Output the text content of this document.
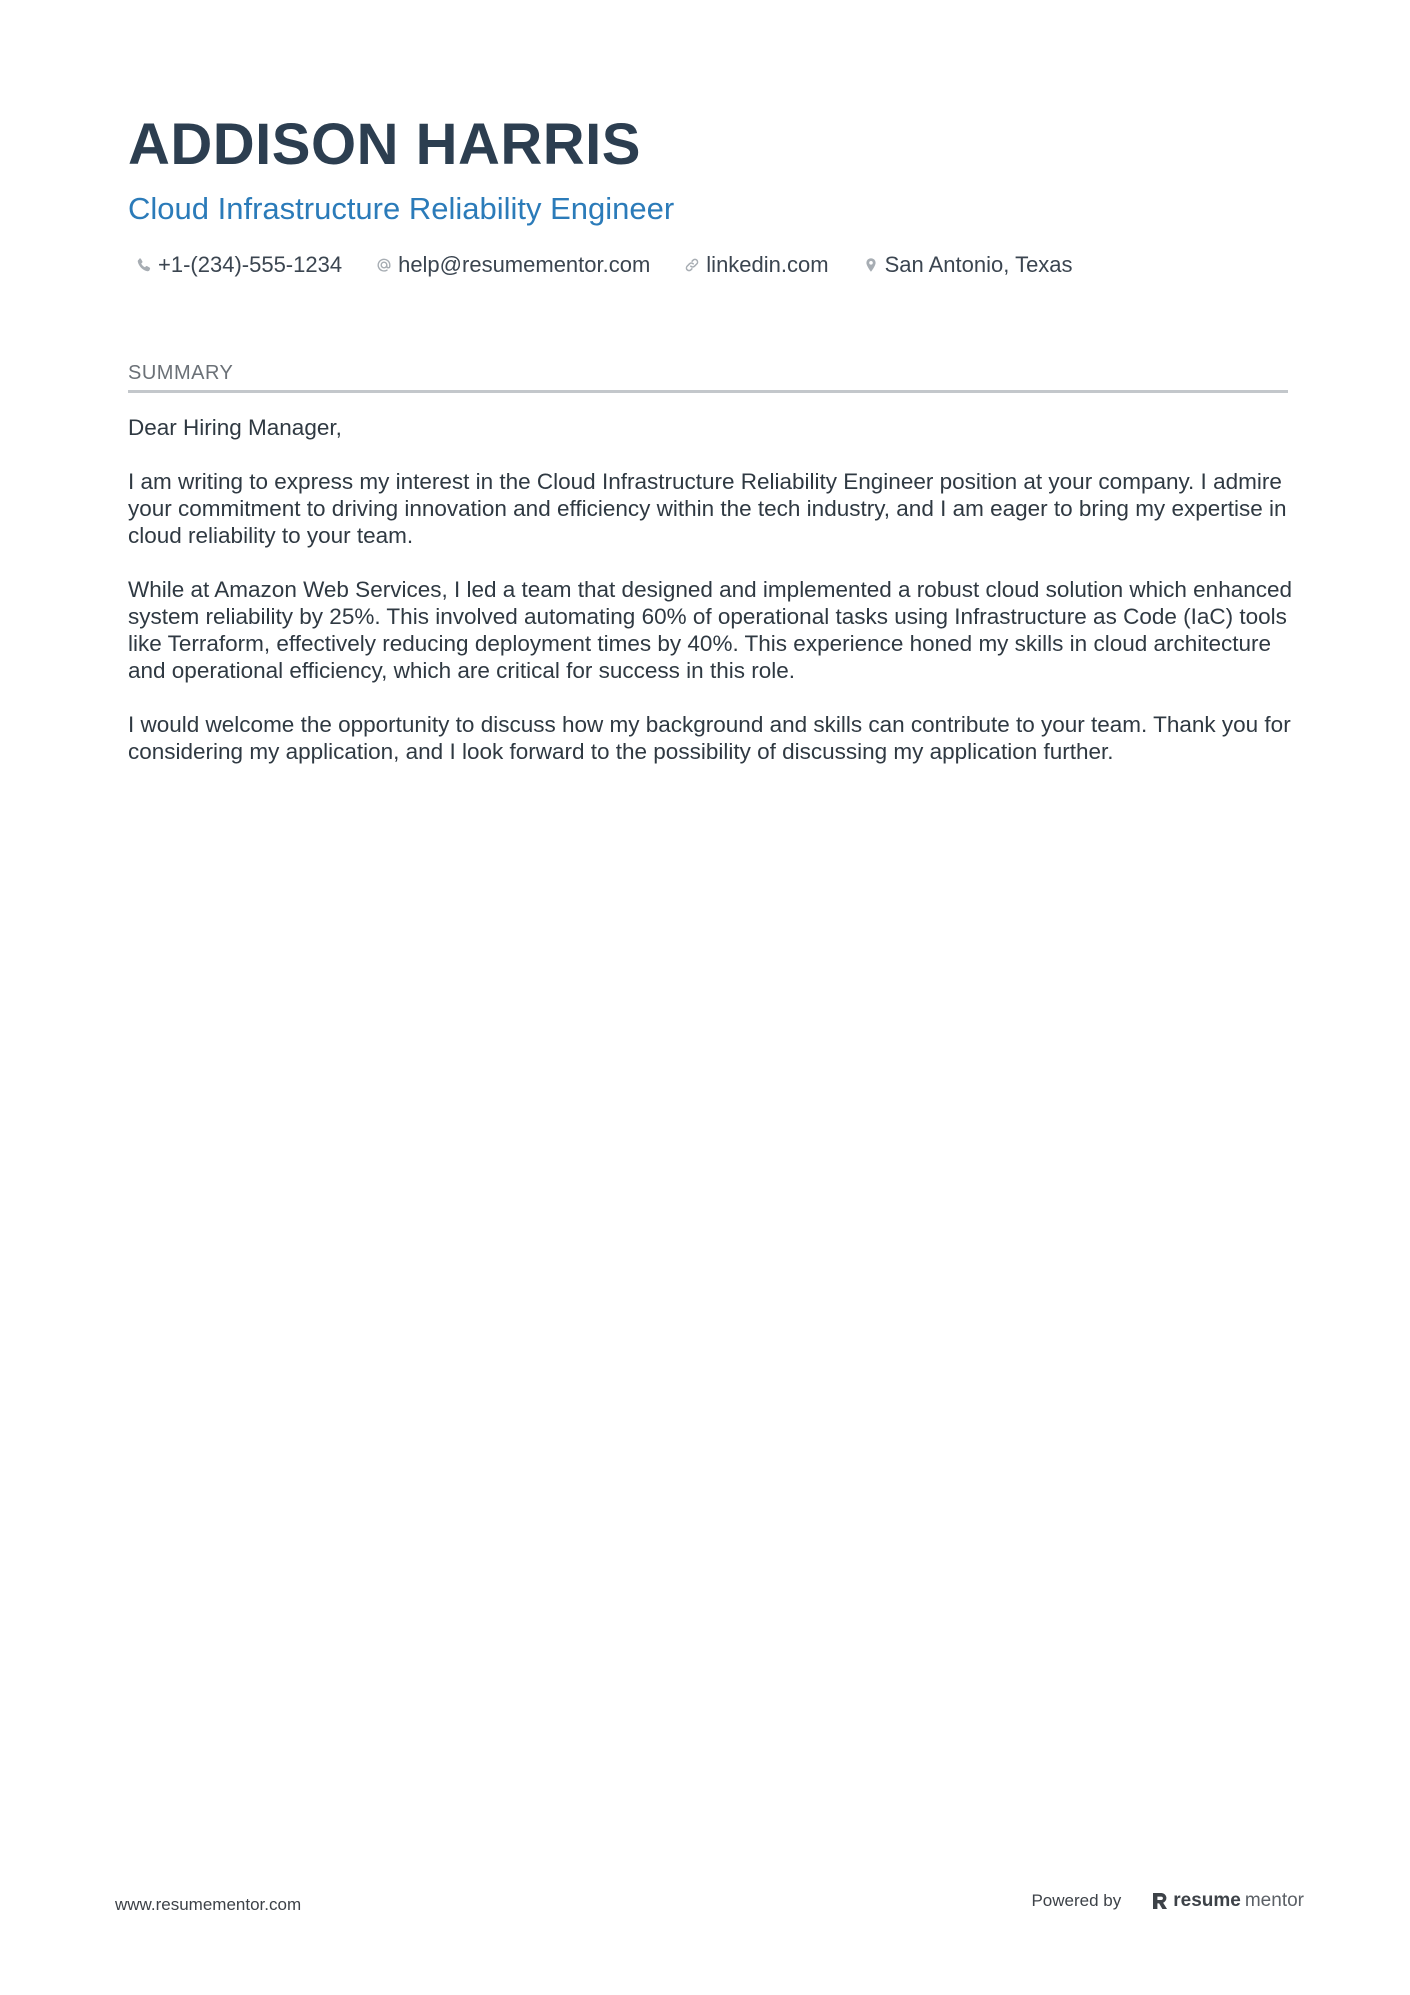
ADDISON HARRIS
Cloud Infrastructure Reliability Engineer
+1-(234)-555-1234	help@resumementor.com	linkedin.com	San Antonio, Texas
SUMMARY

Dear Hiring Manager,

I am writing to express my interest in the Cloud Infrastructure Reliability Engineer position at your company. I admire your commitment to driving innovation and efficiency within the tech industry, and I am eager to bring my expertise in cloud reliability to your team.

While at Amazon Web Services, I led a team that designed and implemented a robust cloud solution which enhanced system reliability by 25%. This involved automating 60% of operational tasks using Infrastructure as Code (IaC) tools like Terraform, effectively reducing deployment times by 40%. This experience honed my skills in cloud architecture and operational efficiency, which are critical for success in this role.

I would welcome the opportunity to discuss how my background and skills can contribute to your team. Thank you for considering my application, and I look forward to the possibility of discussing my application further.

www.resumementor.com	Powered by	resume mentor
